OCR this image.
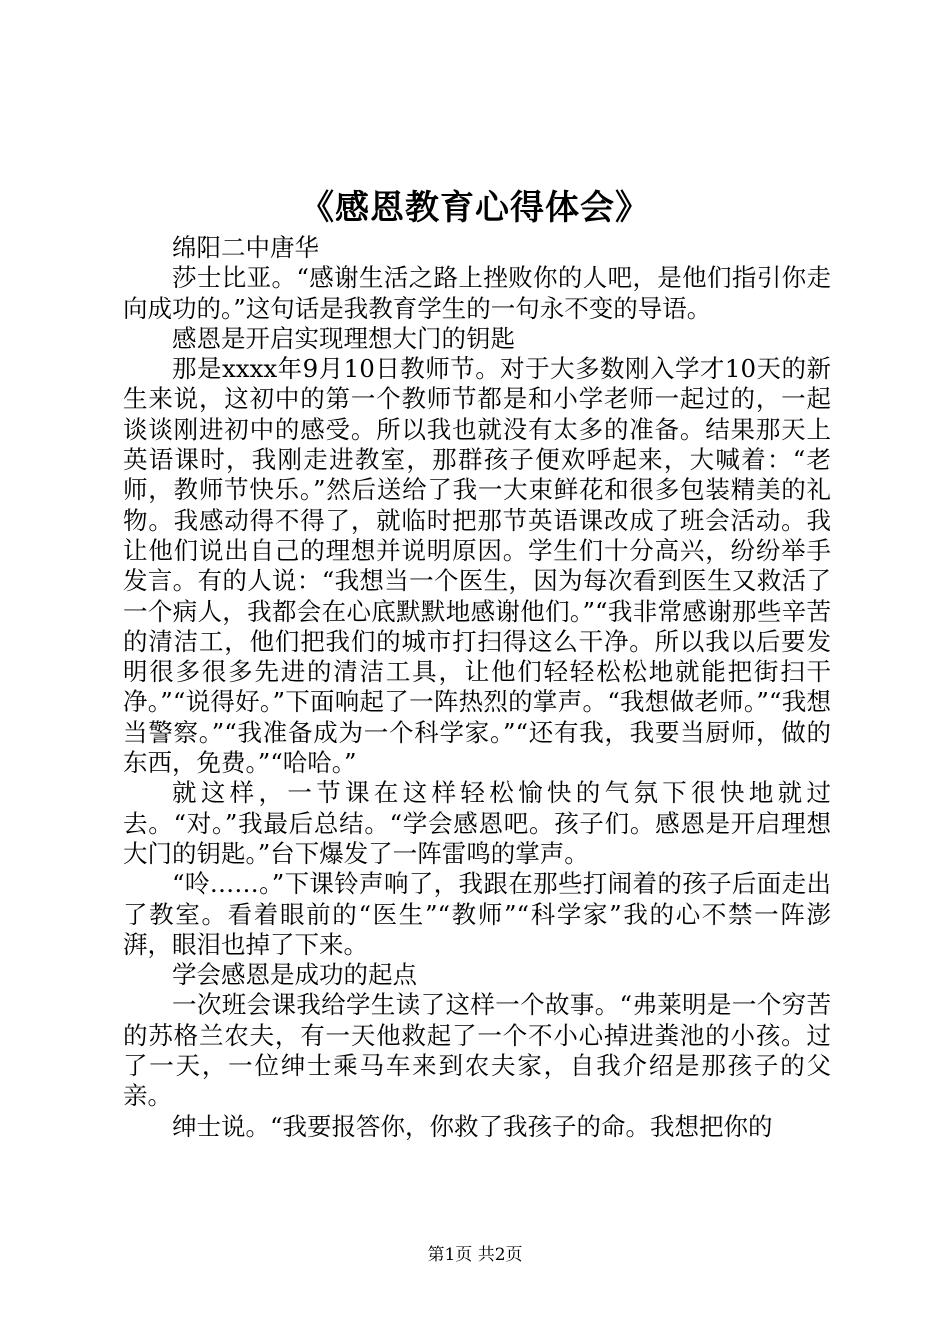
《感恩教育心得体会》

绵阳二中唐华

莎士比亚。“感谢生活之路上挫败你的人吧，是他们指引你走向成功的。”这句话是我教育学生的一句永不变的导语。

感恩是开启实现理想大门的钥匙

那是xxxx年9月10日教师节。对于大多数刚入学才10天的新生来说，这初中的第一个教师节都是和小学老师一起过的，一起谈谈刚进初中的感受。所以我也就没有太多的准备。结果那天上英语课时，我刚走进教室，那群孩子便欢呼起来，大喊着：“老师，教师节快乐。”然后送给了我一大束鲜花和很多包装精美的礼物。我感动得不得了，就临时把那节英语课改成了班会活动。我让他们说出自己的理想并说明原因。学生们十分高兴，纷纷举手发言。有的人说：“我想当一个医生，因为每次看到医生又救活了一个病人，我都会在心底默默地感谢他们。”“我非常感谢那些辛苦的清洁工，他们把我们的城市打扫得这么干净。所以我以后要发明很多很多先进的清洁工具，让他们轻轻松松地就能把街扫干净。”“说得好。”下面响起了一阵热烈的掌声。“我想做老师。”“我想当警察。”“我准备成为一个科学家。”“还有我，我要当厨师，做的东西，免费。”“哈哈。”

就这样，一节课在这样轻松愉快的气氛下很快地就过去。“对。”我最后总结。“学会感恩吧。孩子们。感恩是开启理想大门的钥匙。”台下爆发了一阵雷鸣的掌声。

“呤……。”下课铃声响了，我跟在那些打闹着的孩子后面走出了教室。看着眼前的“医生”“教师”“科学家”我的心不禁一阵澎湃，眼泪也掉了下来。

学会感恩是成功的起点

一次班会课我给学生读了这样一个故事。“弗莱明是一个穷苦的苏格兰农夫，有一天他救起了一个不小心掉进粪池的小孩。过了一天，一位绅士乘马车来到农夫家，自我介绍是那孩子的父亲。

绅士说。“我要报答你，你救了我孩子的命。我想把你的

第1页 共2页
